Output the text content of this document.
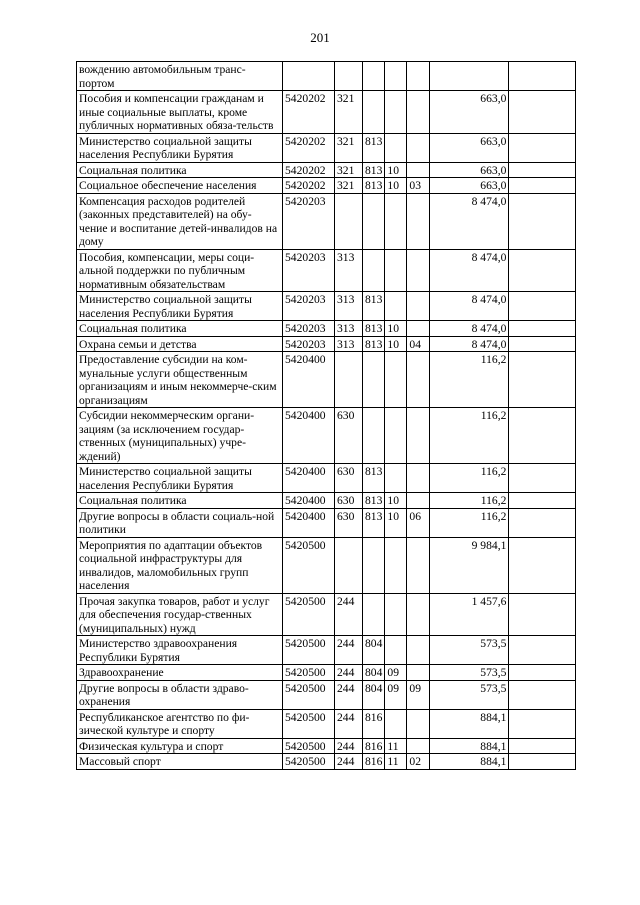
201
вождению автомобильным транс-портом							
Пособия и компенсации гражданам и иные социальные выплаты, кроме публичных нормативных обяза-тельств	5420202	321				663,0	
Министерство социальной защиты населения Республики Бурятия	5420202	321	813			663,0	
Социальная политика	5420202	321	813	10		663,0	
Социальное обеспечение населения	5420202	321	813	10	03	663,0	
Компенсация расходов родителей (законных представителей) на обу-чение и воспитание детей-инвалидов на дому	5420203					8 474,0	
Пособия, компенсации, меры соци-альной поддержки по публичным нормативным обязательствам	5420203	313				8 474,0	
Министерство социальной защиты населения Республики Бурятия	5420203	313	813			8 474,0	
Социальная политика	5420203	313	813	10		8 474,0	
Охрана семьи и детства	5420203	313	813	10	04	8 474,0	
Предоставление субсидии на ком-мунальные услуги общественным организациям и иным некоммерче-ским организациям	5420400					116,2	
Субсидии некоммерческим органи-зациям (за исключением государ-ственных (муниципальных) учре-ждений)	5420400	630				116,2	
Министерство социальной защиты населения Республики Бурятия	5420400	630	813			116,2	
Социальная политика	5420400	630	813	10		116,2	
Другие вопросы в области социаль-ной политики	5420400	630	813	10	06	116,2	
Мероприятия по адаптации объектов социальной инфраструктуры для инвалидов, маломобильных групп населения	5420500					9 984,1	
Прочая закупка товаров, работ и услуг для обеспечения государ-ственных (муниципальных) нужд	5420500	244				1 457,6	
Министерство здравоохранения Республики Бурятия	5420500	244	804			573,5	
Здравоохранение	5420500	244	804	09		573,5	
Другие вопросы в области здраво-охранения	5420500	244	804	09	09	573,5	
Республиканское агентство по фи-зической культуре и спорту	5420500	244	816			884,1	
Физическая культура и спорт	5420500	244	816	11		884,1	
Массовый спорт	5420500	244	816	11	02	884,1	
